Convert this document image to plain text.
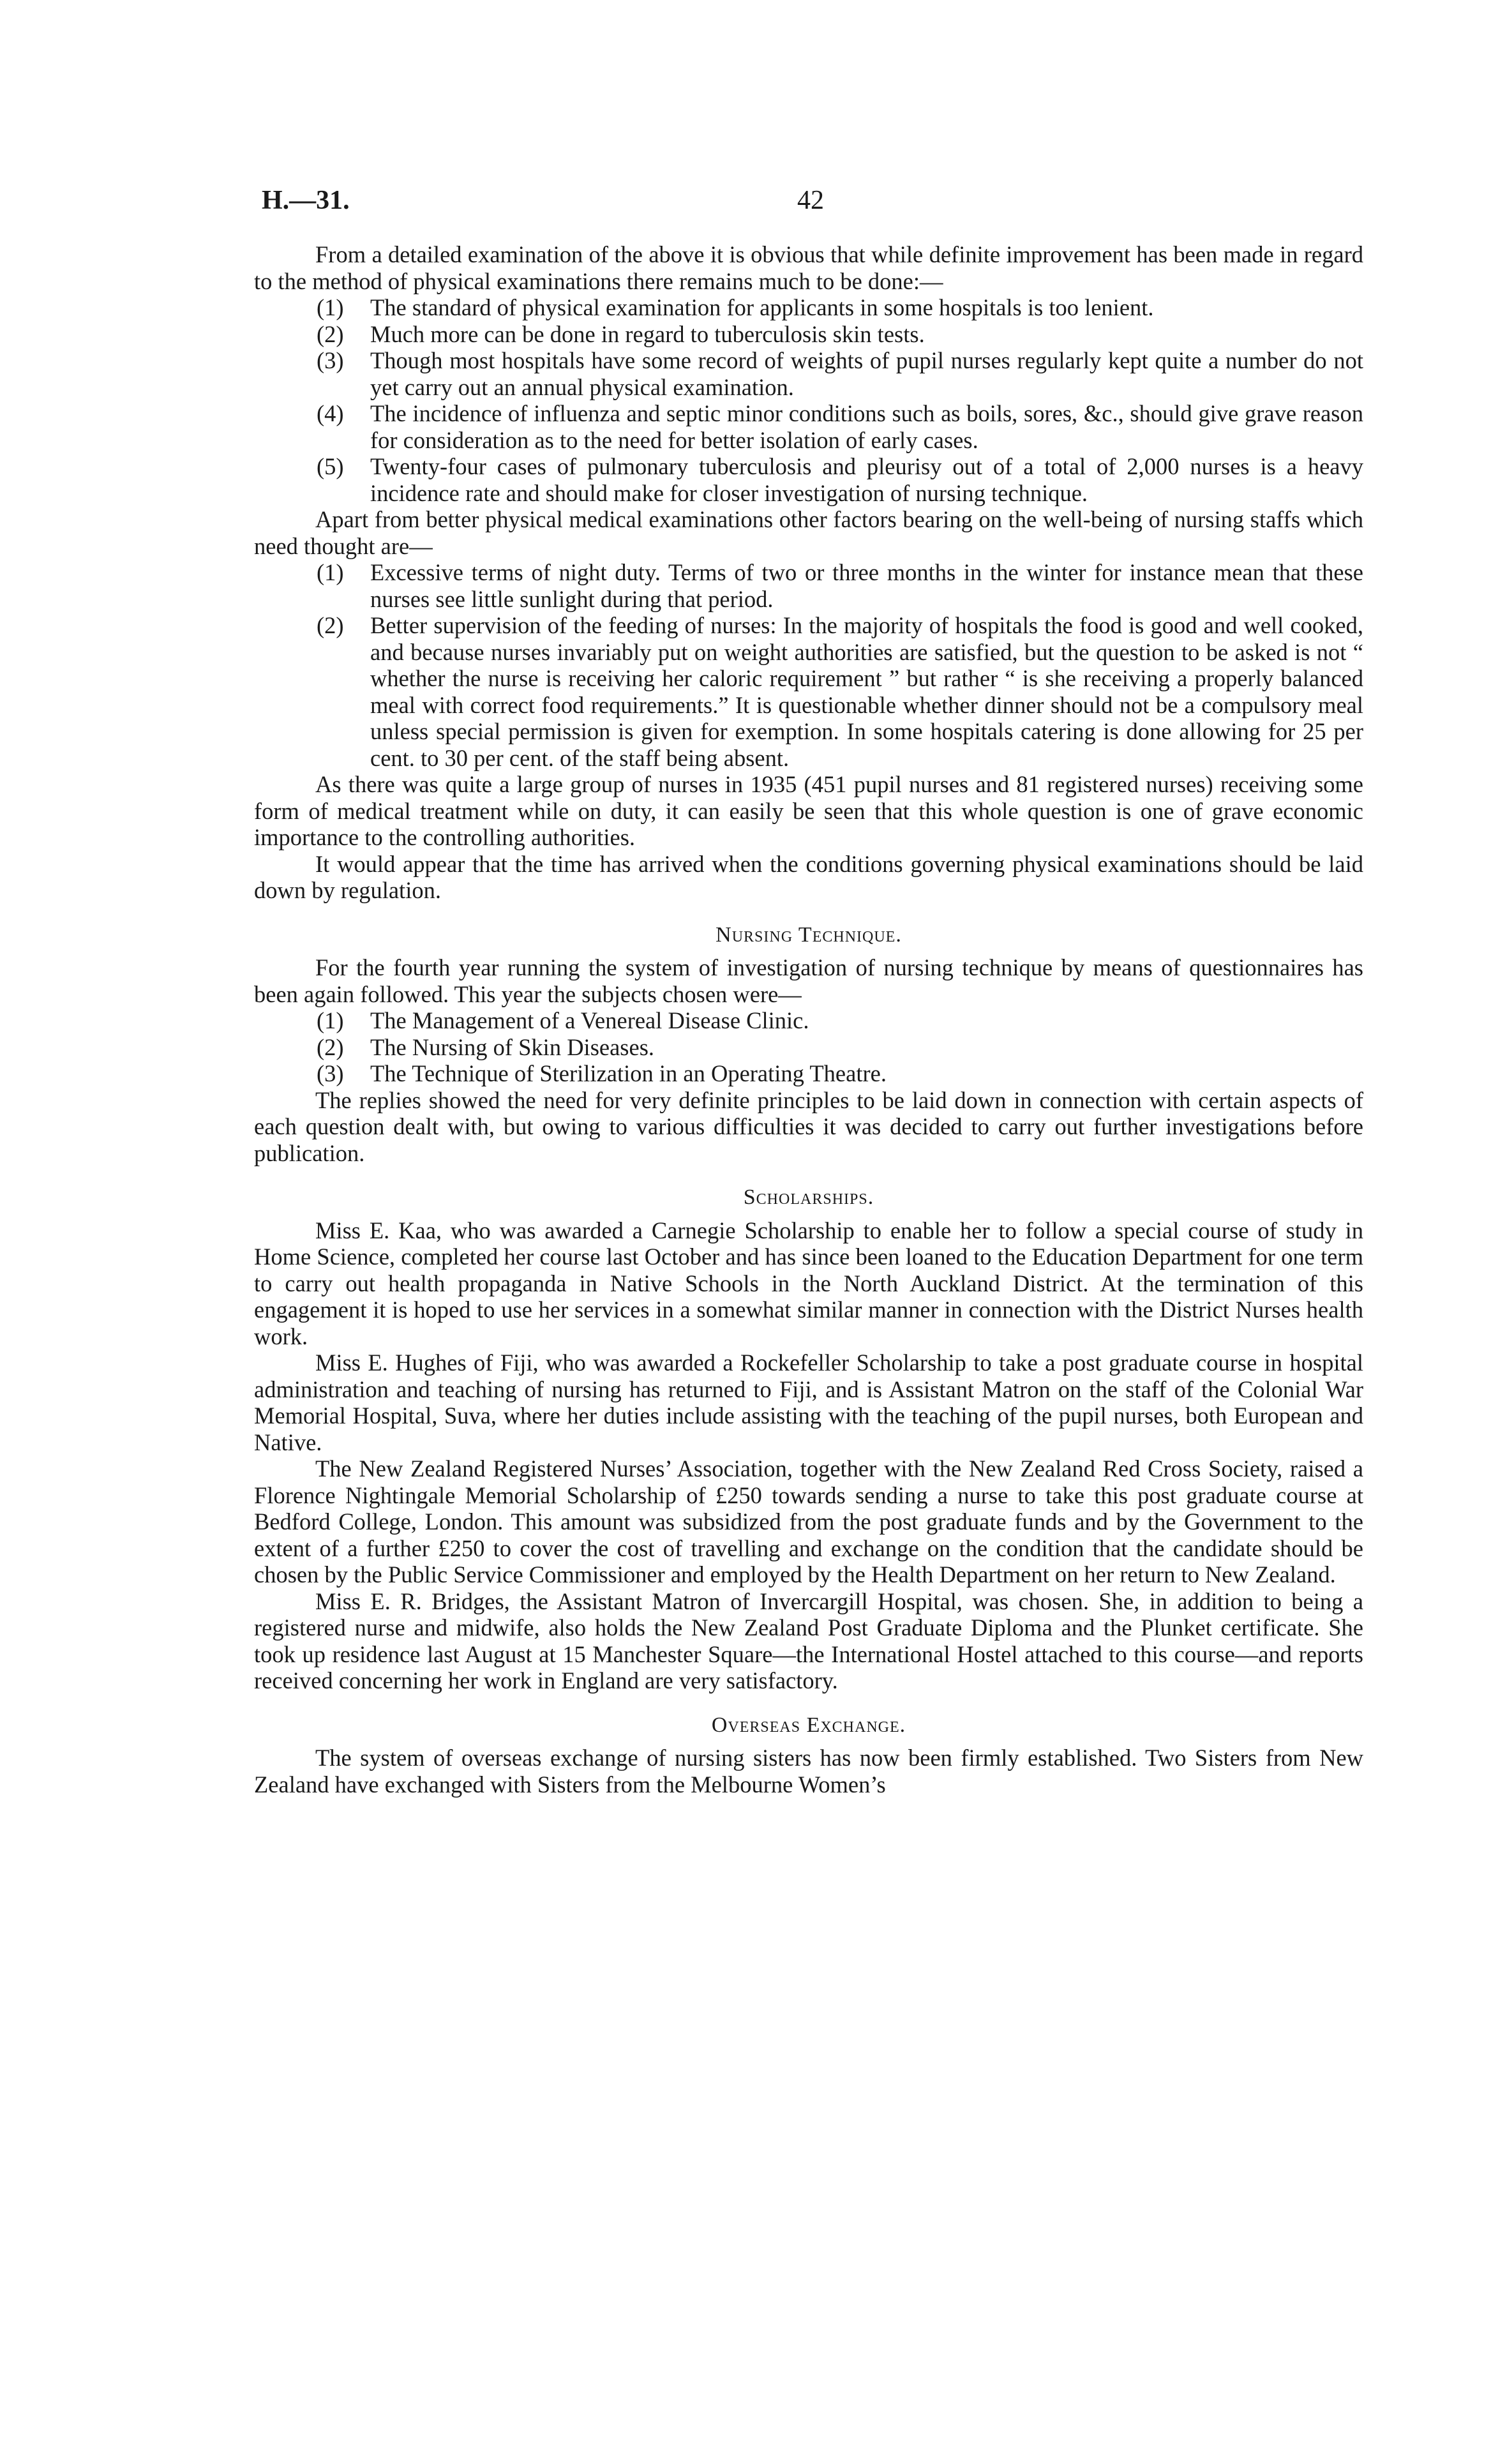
H.—31.	42

From a detailed examination of the above it is obvious that while definite improvement has been made in regard to the method of physical examinations there remains much to be done:—

(1) The standard of physical examination for applicants in some hospitals is too lenient.
(2) Much more can be done in regard to tuberculosis skin tests.
(3) Though most hospitals have some record of weights of pupil nurses regularly kept quite a number do not yet carry out an annual physical examination.
(4) The incidence of influenza and septic minor conditions such as boils, sores, &c., should give grave reason for consideration as to the need for better isolation of early cases.
(5) Twenty-four cases of pulmonary tuberculosis and pleurisy out of a total of 2,000 nurses is a heavy incidence rate and should make for closer investigation of nursing technique.

Apart from better physical medical examinations other factors bearing on the well-being of nursing staffs which need thought are—

(1) Excessive terms of night duty. Terms of two or three months in the winter for instance mean that these nurses see little sunlight during that period.
(2) Better supervision of the feeding of nurses: In the majority of hospitals the food is good and well cooked, and because nurses invariably put on weight authorities are satisfied, but the question to be asked is not “ whether the nurse is receiving her caloric requirement ” but rather “ is she receiving a properly balanced meal with correct food requirements.” It is questionable whether dinner should not be a compulsory meal unless special permission is given for exemption. In some hospitals catering is done allowing for 25 per cent. to 30 per cent. of the staff being absent.

As there was quite a large group of nurses in 1935 (451 pupil nurses and 81 registered nurses) receiving some form of medical treatment while on duty, it can easily be seen that this whole question is one of grave economic importance to the controlling authorities.

It would appear that the time has arrived when the conditions governing physical examinations should be laid down by regulation.

Nursing Technique.

For the fourth year running the system of investigation of nursing technique by means of questionnaires has been again followed. This year the subjects chosen were—

(1) The Management of a Venereal Disease Clinic.
(2) The Nursing of Skin Diseases.
(3) The Technique of Sterilization in an Operating Theatre.

The replies showed the need for very definite principles to be laid down in connection with certain aspects of each question dealt with, but owing to various difficulties it was decided to carry out further investigations before publication.

Scholarships.

Miss E. Kaa, who was awarded a Carnegie Scholarship to enable her to follow a special course of study in Home Science, completed her course last October and has since been loaned to the Education Department for one term to carry out health propaganda in Native Schools in the North Auckland District. At the termination of this engagement it is hoped to use her services in a somewhat similar manner in connection with the District Nurses health work.

Miss E. Hughes of Fiji, who was awarded a Rockefeller Scholarship to take a post graduate course in hospital administration and teaching of nursing has returned to Fiji, and is Assistant Matron on the staff of the Colonial War Memorial Hospital, Suva, where her duties include assisting with the teaching of the pupil nurses, both European and Native.

The New Zealand Registered Nurses’ Association, together with the New Zealand Red Cross Society, raised a Florence Nightingale Memorial Scholarship of £250 towards sending a nurse to take this post graduate course at Bedford College, London. This amount was subsidized from the post graduate funds and by the Government to the extent of a further £250 to cover the cost of travelling and exchange on the condition that the candidate should be chosen by the Public Service Commissioner and employed by the Health Department on her return to New Zealand.

Miss E. R. Bridges, the Assistant Matron of Invercargill Hospital, was chosen. She, in addition to being a registered nurse and midwife, also holds the New Zealand Post Graduate Diploma and the Plunket certificate. She took up residence last August at 15 Manchester Square—the International Hostel attached to this course—and reports received concerning her work in England are very satisfactory.

Overseas Exchange.

The system of overseas exchange of nursing sisters has now been firmly established. Two Sisters from New Zealand have exchanged with Sisters from the Melbourne Women’s
